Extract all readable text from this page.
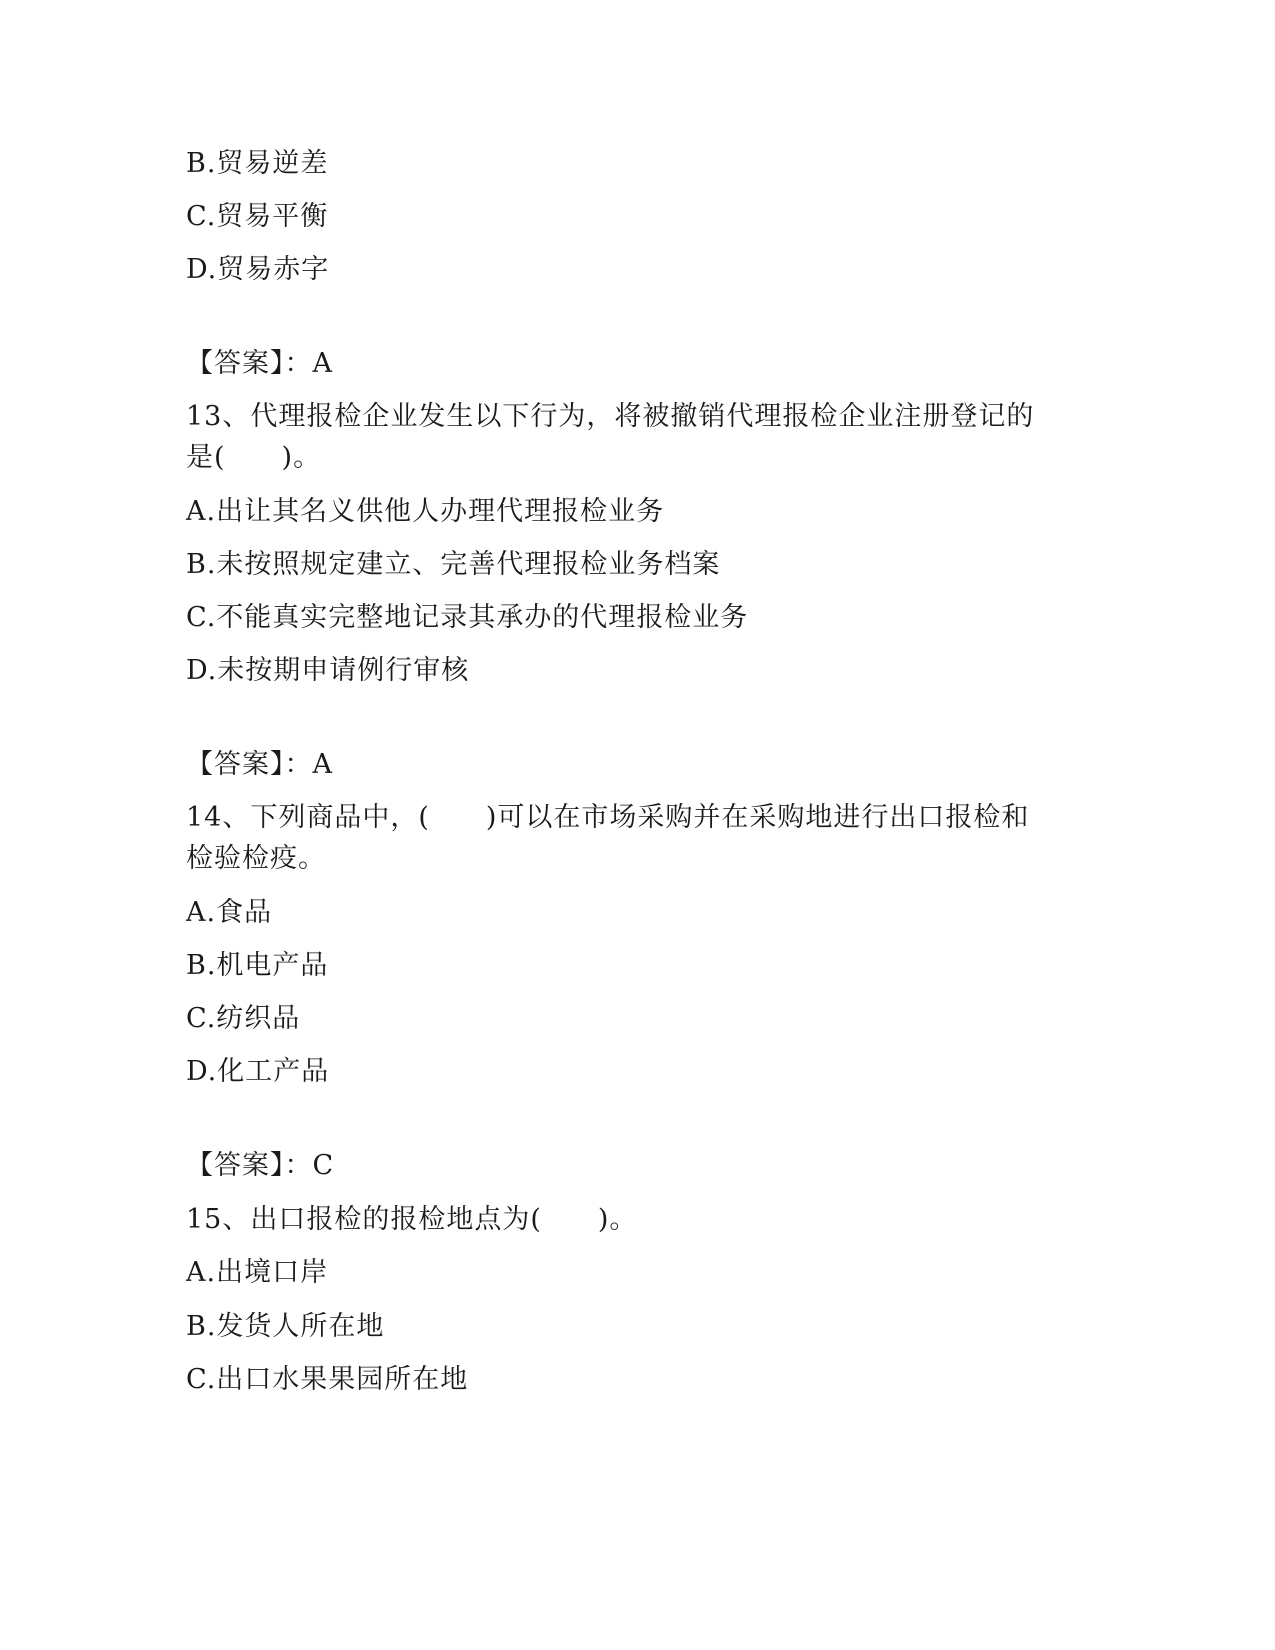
B.贸易逆差
C.贸易平衡
D.贸易赤字
【答案】：A
13、代理报检企业发生以下行为，将被撤销代理报检企业注册登记的
是(　　)。
A.出让其名义供他人办理代理报检业务
B.未按照规定建立、完善代理报检业务档案
C.不能真实完整地记录其承办的代理报检业务
D.未按期申请例行审核
【答案】：A
14、下列商品中，(　　)可以在市场采购并在采购地进行出口报检和
检验检疫。
A.食品
B.机电产品
C.纺织品
D.化工产品
【答案】：C
15、出口报检的报检地点为(　　)。
A.出境口岸
B.发货人所在地
C.出口水果果园所在地
